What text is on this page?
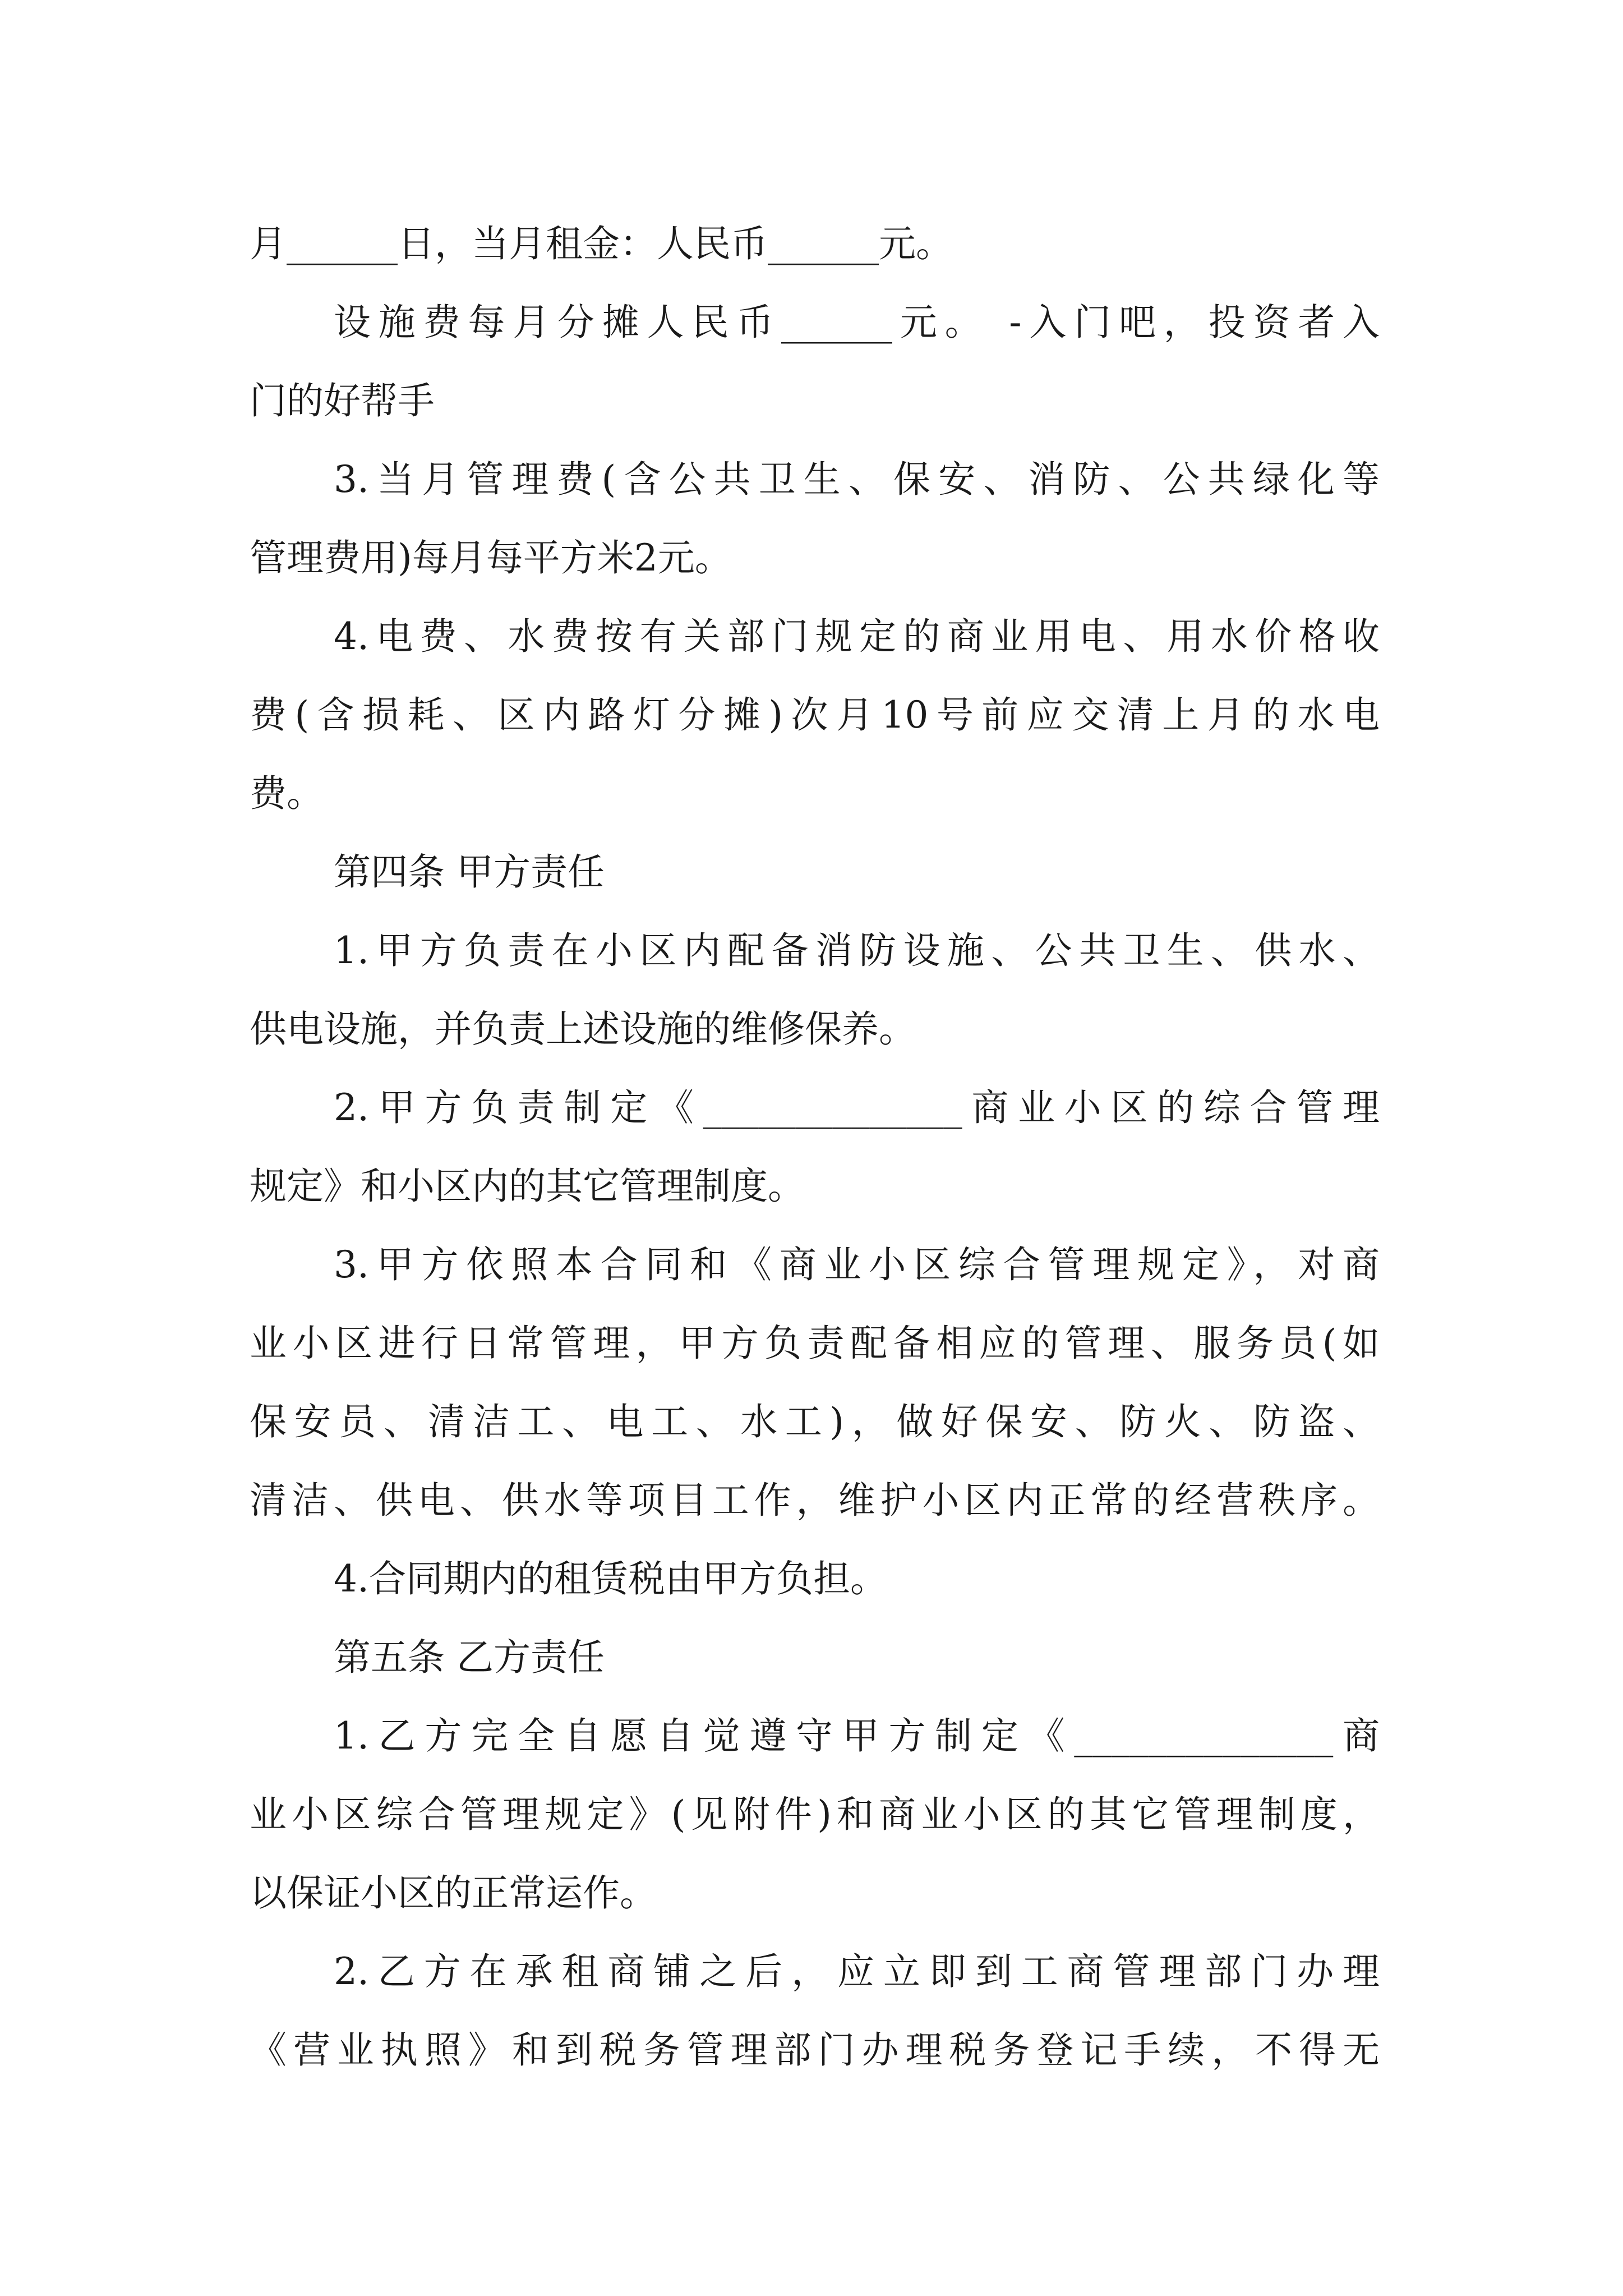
月______日，当月租金：人民币______元。
设施费每月分摊人民币______元。 -入门吧，投资者入
门的好帮手
3.当月管理费(含公共卫生、保安、消防、公共绿化等
管理费用)每月每平方米2元。
4.电费、水费按有关部门规定的商业用电、用水价格收
费(含损耗、区内路灯分摊)次月10号前应交清上月的水电
费。
第四条 甲方责任
1.甲方负责在小区内配备消防设施、公共卫生、供水、
供电设施，并负责上述设施的维修保养。
2.甲方负责制定《______________商业小区的综合管理
规定》和小区内的其它管理制度。
3.甲方依照本合同和《商业小区综合管理规定》，对商
业小区进行日常管理，甲方负责配备相应的管理、服务员(如
保安员、清洁工、电工、水工)，做好保安、防火、防盗、
清洁、供电、供水等项目工作，维护小区内正常的经营秩序。
4.合同期内的租赁税由甲方负担。
第五条 乙方责任
1.乙方完全自愿自觉遵守甲方制定《______________商
业小区综合管理规定》(见附件)和商业小区的其它管理制度，
以保证小区的正常运作。
2.乙方在承租商铺之后，应立即到工商管理部门办理
《营业执照》和到税务管理部门办理税务登记手续，不得无
